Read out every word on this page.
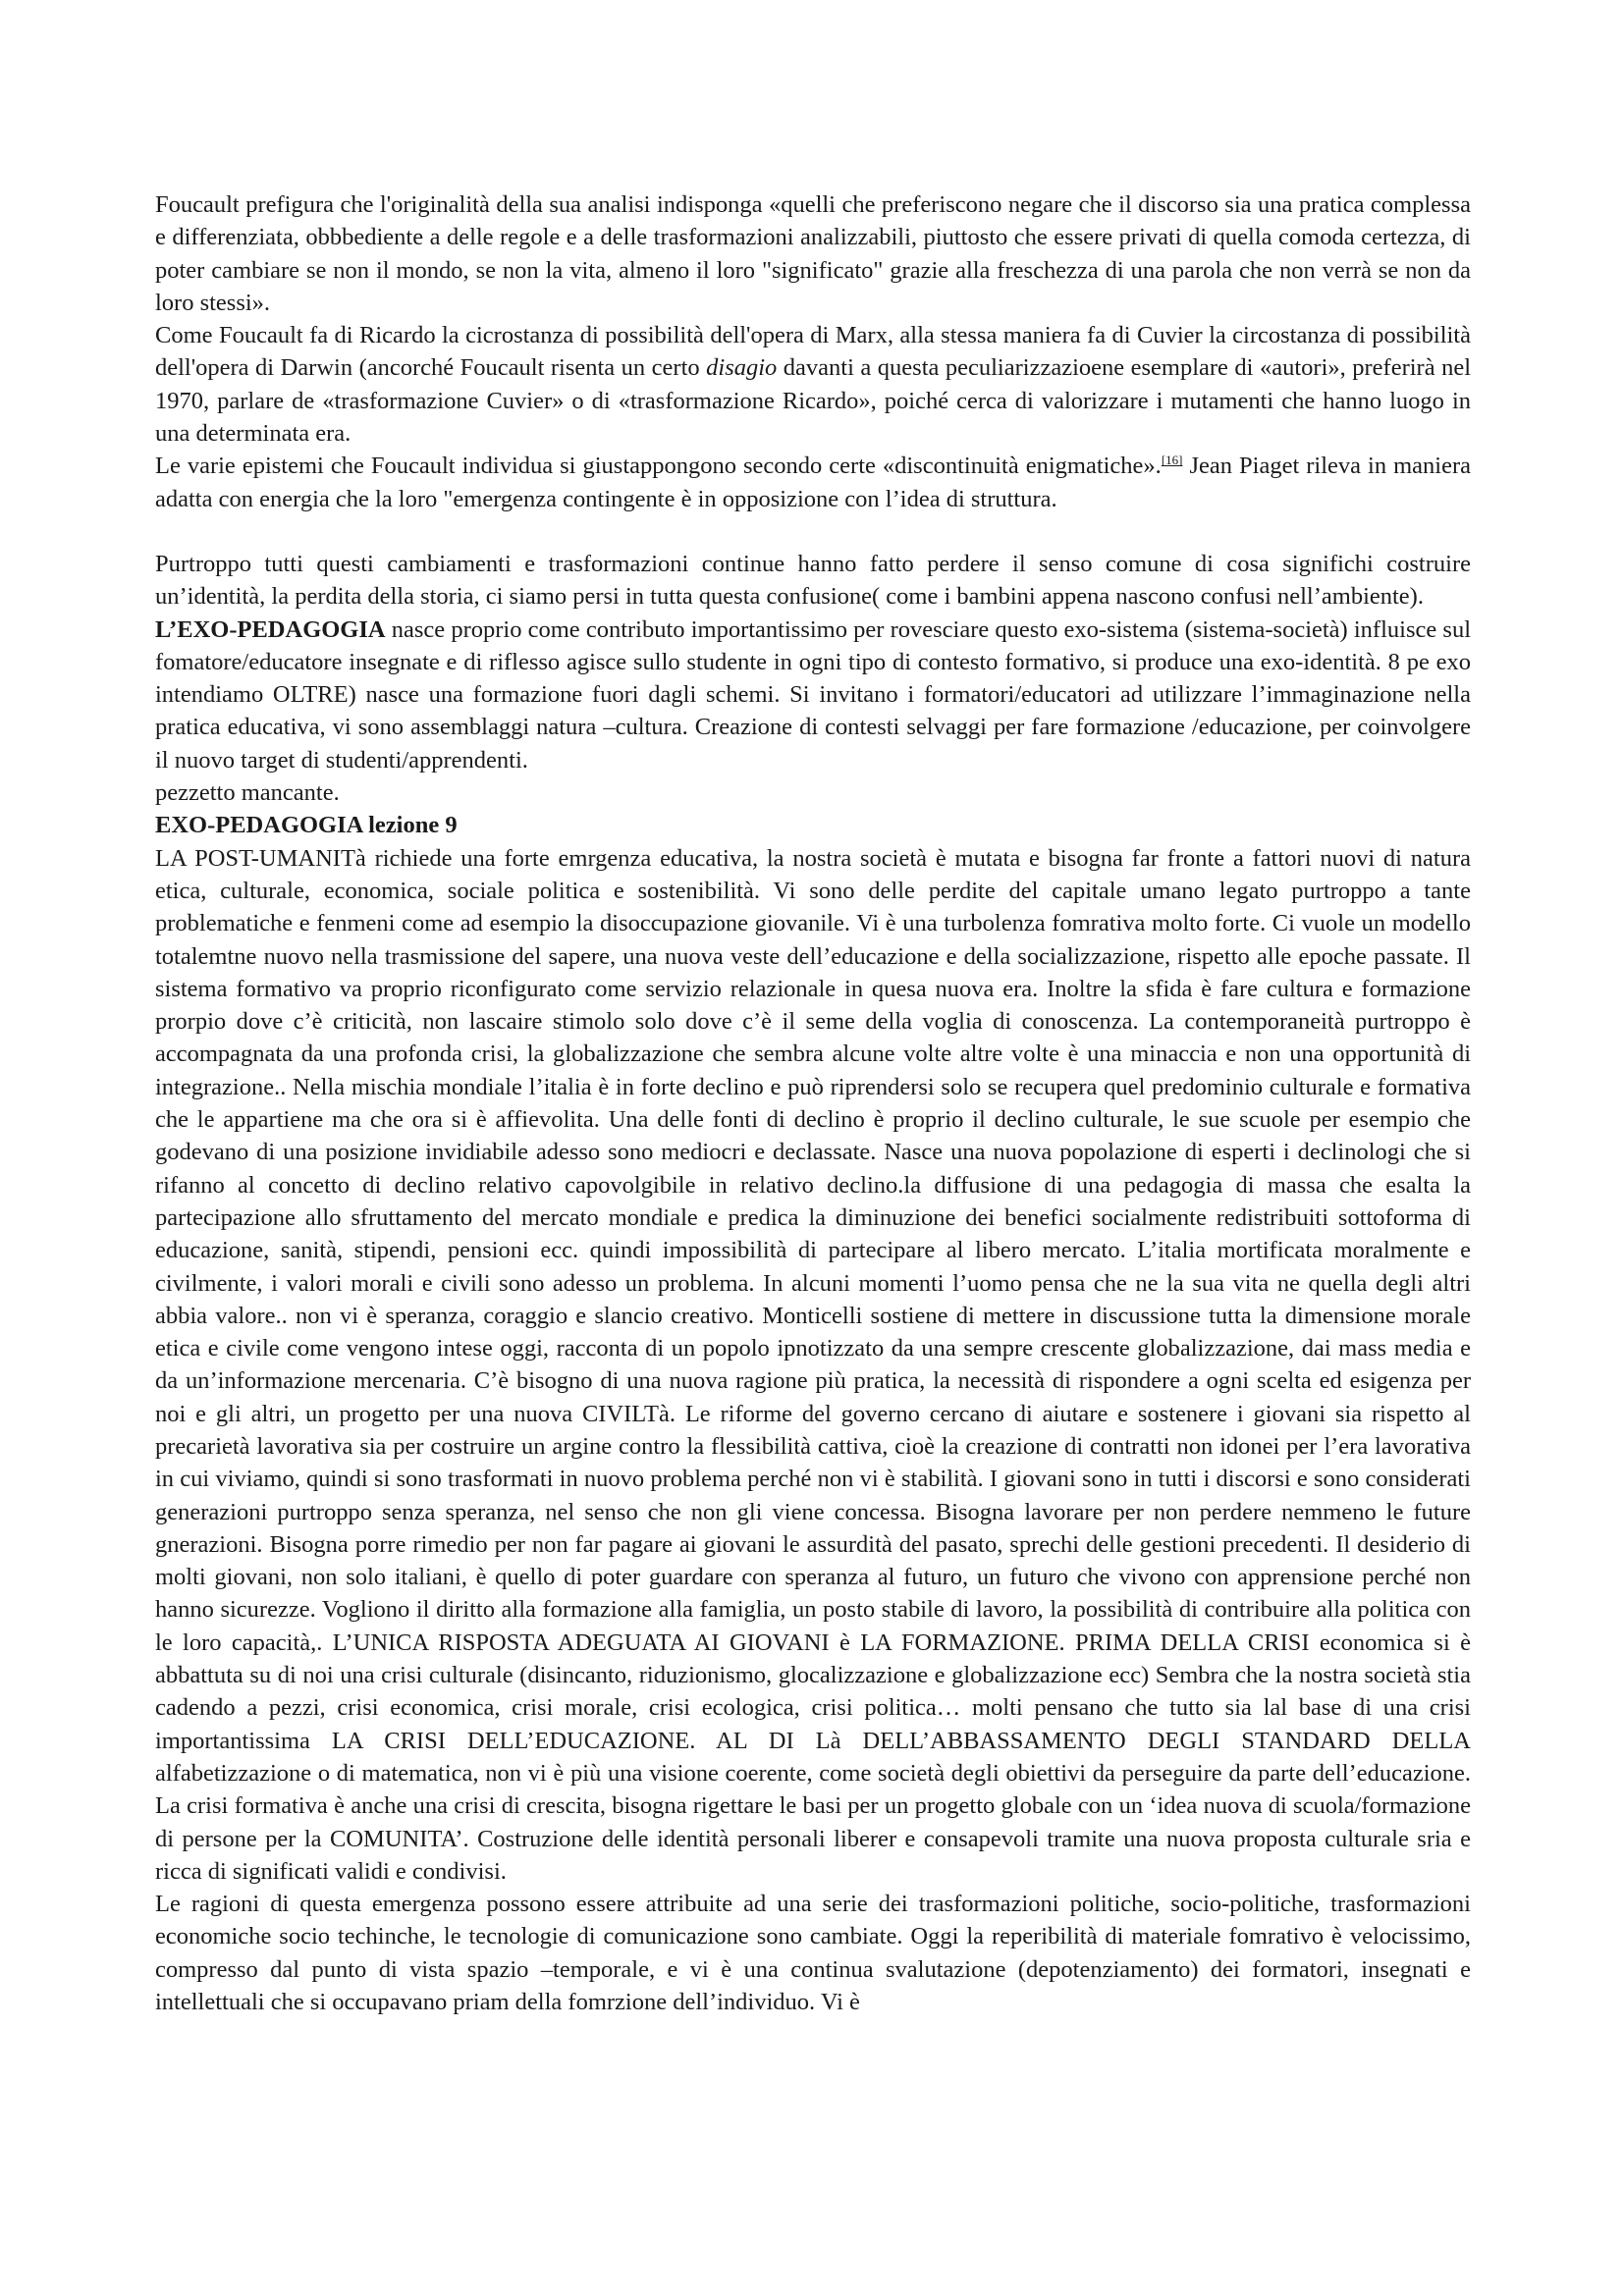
Foucault prefigura che l'originalità della sua analisi indisponga «quelli che preferiscono negare che il discorso sia una pratica complessa e differenziata, obbbediente a delle regole e a delle trasformazioni analizzabili, piuttosto che essere privati di quella comoda certezza, di poter cambiare se non il mondo, se non la vita, almeno il loro "significato" grazie alla freschezza di una parola che non verrà se non da loro stessi».

Come Foucault fa di Ricardo la cicrostanza di possibilità dell'opera di Marx, alla stessa maniera fa di Cuvier la circostanza di possibilità dell'opera di Darwin (ancorché Foucault risenta un certo disagio davanti a questa peculiarizzazioene esemplare di «autori», preferirà nel 1970, parlare de «trasformazione Cuvier» o di «trasformazione Ricardo», poiché cerca di valorizzare i mutamenti che hanno luogo in una determinata era.

Le varie epistemi che Foucault individua si giustappongono secondo certe «discontinuità enigmatiche».[16] Jean Piaget rileva in maniera adatta con energia che la loro "emergenza contingente è in opposizione con l’idea di struttura.

Purtroppo tutti questi cambiamenti e trasformazioni continue hanno fatto perdere il senso comune di cosa significhi costruire un’identità, la perdita della storia, ci siamo persi in tutta questa confusione( come i bambini appena nascono confusi nell’ambiente).

L’EXO-PEDAGOGIA nasce proprio come contributo importantissimo per rovesciare questo exo-sistema (sistema-società) influisce sul fomatore/educatore insegnate e di riflesso agisce sullo studente in ogni tipo di contesto formativo, si produce una exo-identità. 8 pe exo intendiamo OLTRE) nasce una formazione fuori dagli schemi. Si invitano i formatori/educatori ad utilizzare l’immaginazione nella pratica educativa, vi sono assemblaggi natura –cultura. Creazione di contesti selvaggi per fare formazione /educazione, per coinvolgere il nuovo target di studenti/apprendenti.

pezzetto mancante.

EXO-PEDAGOGIA lezione 9

LA POST-UMANITà richiede una forte emrgenza educativa, la nostra società è mutata e bisogna far fronte a fattori nuovi di natura etica, culturale, economica, sociale politica e sostenibilità. Vi sono delle perdite del capitale umano legato purtroppo a tante problematiche e fenmeni come ad esempio la disoccupazione giovanile. Vi è una turbolenza fomrativa molto forte. Ci vuole un modello totalemtne nuovo nella trasmissione del sapere, una nuova veste dell’educazione e della socializzazione, rispetto alle epoche passate. Il sistema formativo va proprio riconfigurato come servizio relazionale in quesa nuova era. Inoltre la sfida è fare cultura e formazione prorpio dove c’è criticità, non lascaire stimolo solo dove c’è il seme della voglia di conoscenza. La contemporaneità purtroppo è accompagnata da una profonda crisi, la globalizzazione che sembra alcune volte altre volte è una minaccia e non una opportunità di integrazione.. Nella mischia mondiale l’italia è in forte declino e può riprendersi solo se recupera quel predominio culturale e formativa che le appartiene ma che ora si è affievolita. Una delle fonti di declino è proprio il declino culturale, le sue scuole per esempio che godevano di una posizione invidiabile adesso sono mediocri e declassate. Nasce una nuova popolazione di esperti i declinologi che si rifanno al concetto di declino relativo capovolgibile in relativo declino.la diffusione di una pedagogia di massa che esalta la partecipazione allo sfruttamento del mercato mondiale e predica la diminuzione dei benefici socialmente redistribuiti sottoforma di educazione, sanità, stipendi, pensioni ecc. quindi impossibilità di partecipare al libero mercato. L’italia mortificata moralmente e civilmente, i valori morali e civili sono adesso un problema. In alcuni momenti l’uomo pensa che ne la sua vita ne quella degli altri abbia valore.. non vi è speranza, coraggio e slancio creativo. Monticelli sostiene di mettere in discussione tutta la dimensione morale etica e civile come vengono intese oggi, racconta di un popolo ipnotizzato da una sempre crescente globalizzazione, dai mass media e da un’informazione mercenaria. C’è bisogno di una nuova ragione più pratica, la necessità di rispondere a ogni scelta ed esigenza per noi e gli altri, un progetto per una nuova CIVILTà. Le riforme del governo cercano di aiutare e sostenere i giovani sia rispetto al precarietà lavorativa sia per costruire un argine contro la flessibilità cattiva, cioè la creazione di contratti non idonei per l’era lavorativa in cui viviamo, quindi si sono trasformati in nuovo problema perché non vi è stabilità. I giovani sono in tutti i discorsi e sono considerati generazioni purtroppo senza speranza, nel senso che non gli viene concessa. Bisogna lavorare per non perdere nemmeno le future gnerazioni. Bisogna porre rimedio per non far pagare ai giovani le assurdità del pasato, sprechi delle gestioni precedenti. Il desiderio di molti giovani, non solo italiani, è quello di poter guardare con speranza al futuro, un futuro che vivono con apprensione perché non hanno sicurezze. Vogliono il diritto alla formazione alla famiglia, un posto stabile di lavoro, la possibilità di contribuire alla politica con le loro capacità,. L’UNICA RISPOSTA ADEGUATA AI GIOVANI è LA FORMAZIONE. PRIMA DELLA CRISI economica si è abbattuta su di noi una crisi culturale (disincanto, riduzionismo, glocalizzazione e globalizzazione ecc) Sembra che la nostra società stia cadendo a pezzi, crisi economica, crisi morale, crisi ecologica, crisi politica… molti pensano che tutto sia lal base di una crisi importantissima LA CRISI DELL’EDUCAZIONE. AL DI Là DELL’ABBASSAMENTO DEGLI STANDARD DELLA alfabetizzazione o di matematica, non vi è più una visione coerente, come società degli obiettivi da perseguire da parte dell’educazione. La crisi formativa è anche una crisi di crescita, bisogna rigettare le basi per un progetto globale con un ‘idea nuova di scuola/formazione di persone per la COMUNITA’. Costruzione delle identità personali liberer e consapevoli tramite una nuova proposta culturale sria e ricca di significati validi e condivisi.

Le ragioni di questa emergenza possono essere attribuite ad una serie dei trasformazioni politiche, socio-politiche, trasformazioni economiche socio techinche, le tecnologie di comunicazione sono cambiate. Oggi la reperibilità di materiale fomrativo è velocissimo, compresso dal punto di vista spazio –temporale, e vi è una continua svalutazione (depotenziamento) dei formatori, insegnati e intellettuali che si occupavano priam della fomrzione dell’individuo. Vi è
